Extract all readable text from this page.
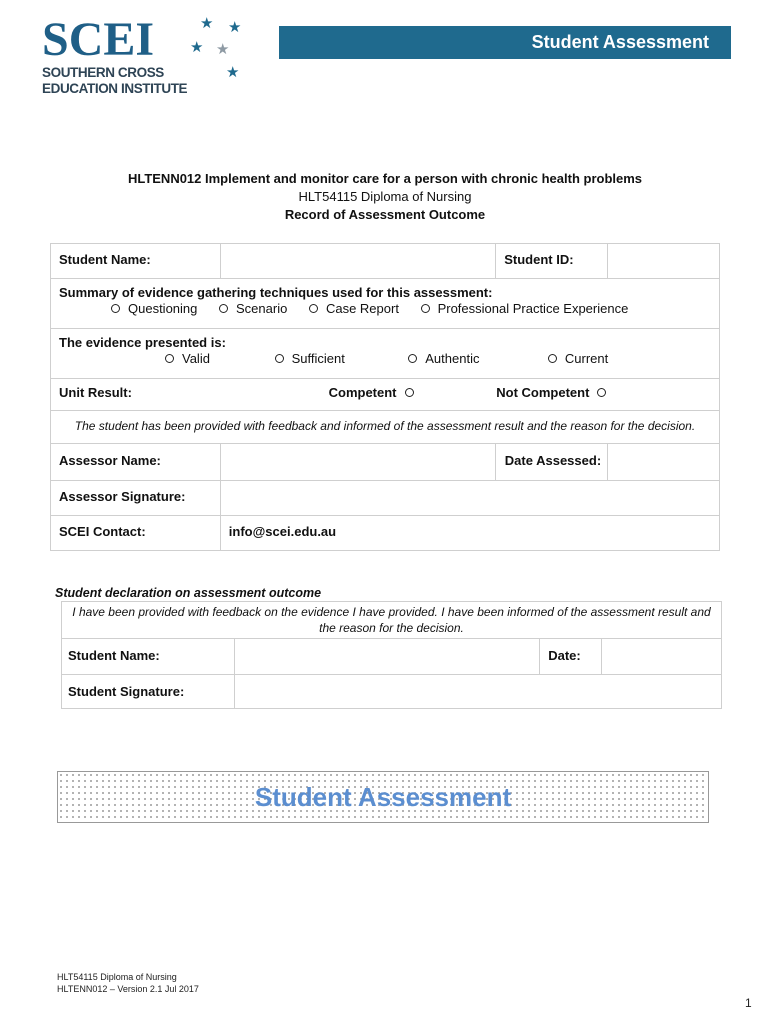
SCEI	★ ★
★ ★
★
SOUTHERN CROSS
EDUCATION INSTITUTE
Student Assessment
HLTENN012 Implement and monitor care for a person with chronic health problems
HLT54115 Diploma of Nursing
Record of Assessment Outcome
Student Name:		Student ID:	

Summary of evidence gathering techniques used for this assessment:
Questioning Scenario Case Report Professional Practice Experience			

The evidence presented is:
Valid Sufficient Authentic Current			

Unit Result: Competent Not Competent			
The student has been provided with feedback and informed of the assessment result and the reason for the decision.			
Assessor Name:		Date Assessed:	
Assessor Signature:			
SCEI Contact:	info@scei.edu.au		
Student declaration on assessment outcome
I have been provided with feedback on the evidence I have provided. I have been informed of the assessment result and the reason for the decision.			
Student Name:		Date:	
Student Signature:			
Student Assessment
HLT54115 Diploma of Nursing
HLTENN012 – Version 2.1 Jul 2017
1
